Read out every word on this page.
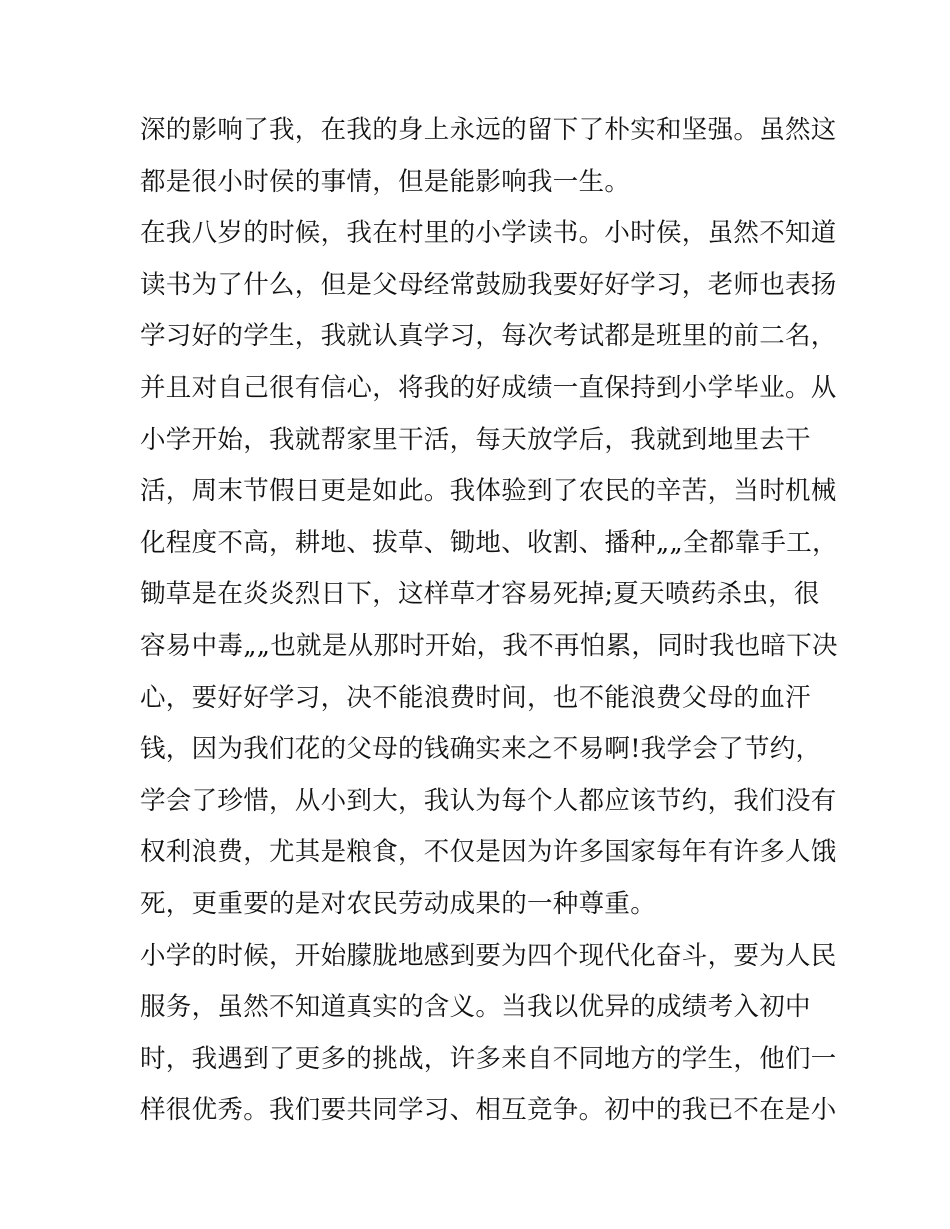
深的影响了我，在我的身上永远的留下了朴实和坚强。虽然这
都是很小时侯的事情，但是能影响我一生。
在我八岁的时候，我在村里的小学读书。小时侯，虽然不知道
读书为了什么，但是父母经常鼓励我要好好学习，老师也表扬
学习好的学生，我就认真学习，每次考试都是班里的前二名，
并且对自己很有信心，将我的好成绩一直保持到小学毕业。从
小学开始，我就帮家里干活，每天放学后，我就到地里去干
活，周末节假日更是如此。我体验到了农民的辛苦，当时机械
化程度不高，耕地、拔草、锄地、收割、播种„„全都靠手工，
锄草是在炎炎烈日下，这样草才容易死掉;夏天喷药杀虫，很
容易中毒„„也就是从那时开始，我不再怕累，同时我也暗下决
心，要好好学习，决不能浪费时间，也不能浪费父母的血汗
钱，因为我们花的父母的钱确实来之不易啊!我学会了节约，
学会了珍惜，从小到大，我认为每个人都应该节约，我们没有
权利浪费，尤其是粮食，不仅是因为许多国家每年有许多人饿
死，更重要的是对农民劳动成果的一种尊重。
小学的时候，开始朦胧地感到要为四个现代化奋斗，要为人民
服务，虽然不知道真实的含义。当我以优异的成绩考入初中
时，我遇到了更多的挑战，许多来自不同地方的学生，他们一
样很优秀。我们要共同学习、相互竞争。初中的我已不在是小
